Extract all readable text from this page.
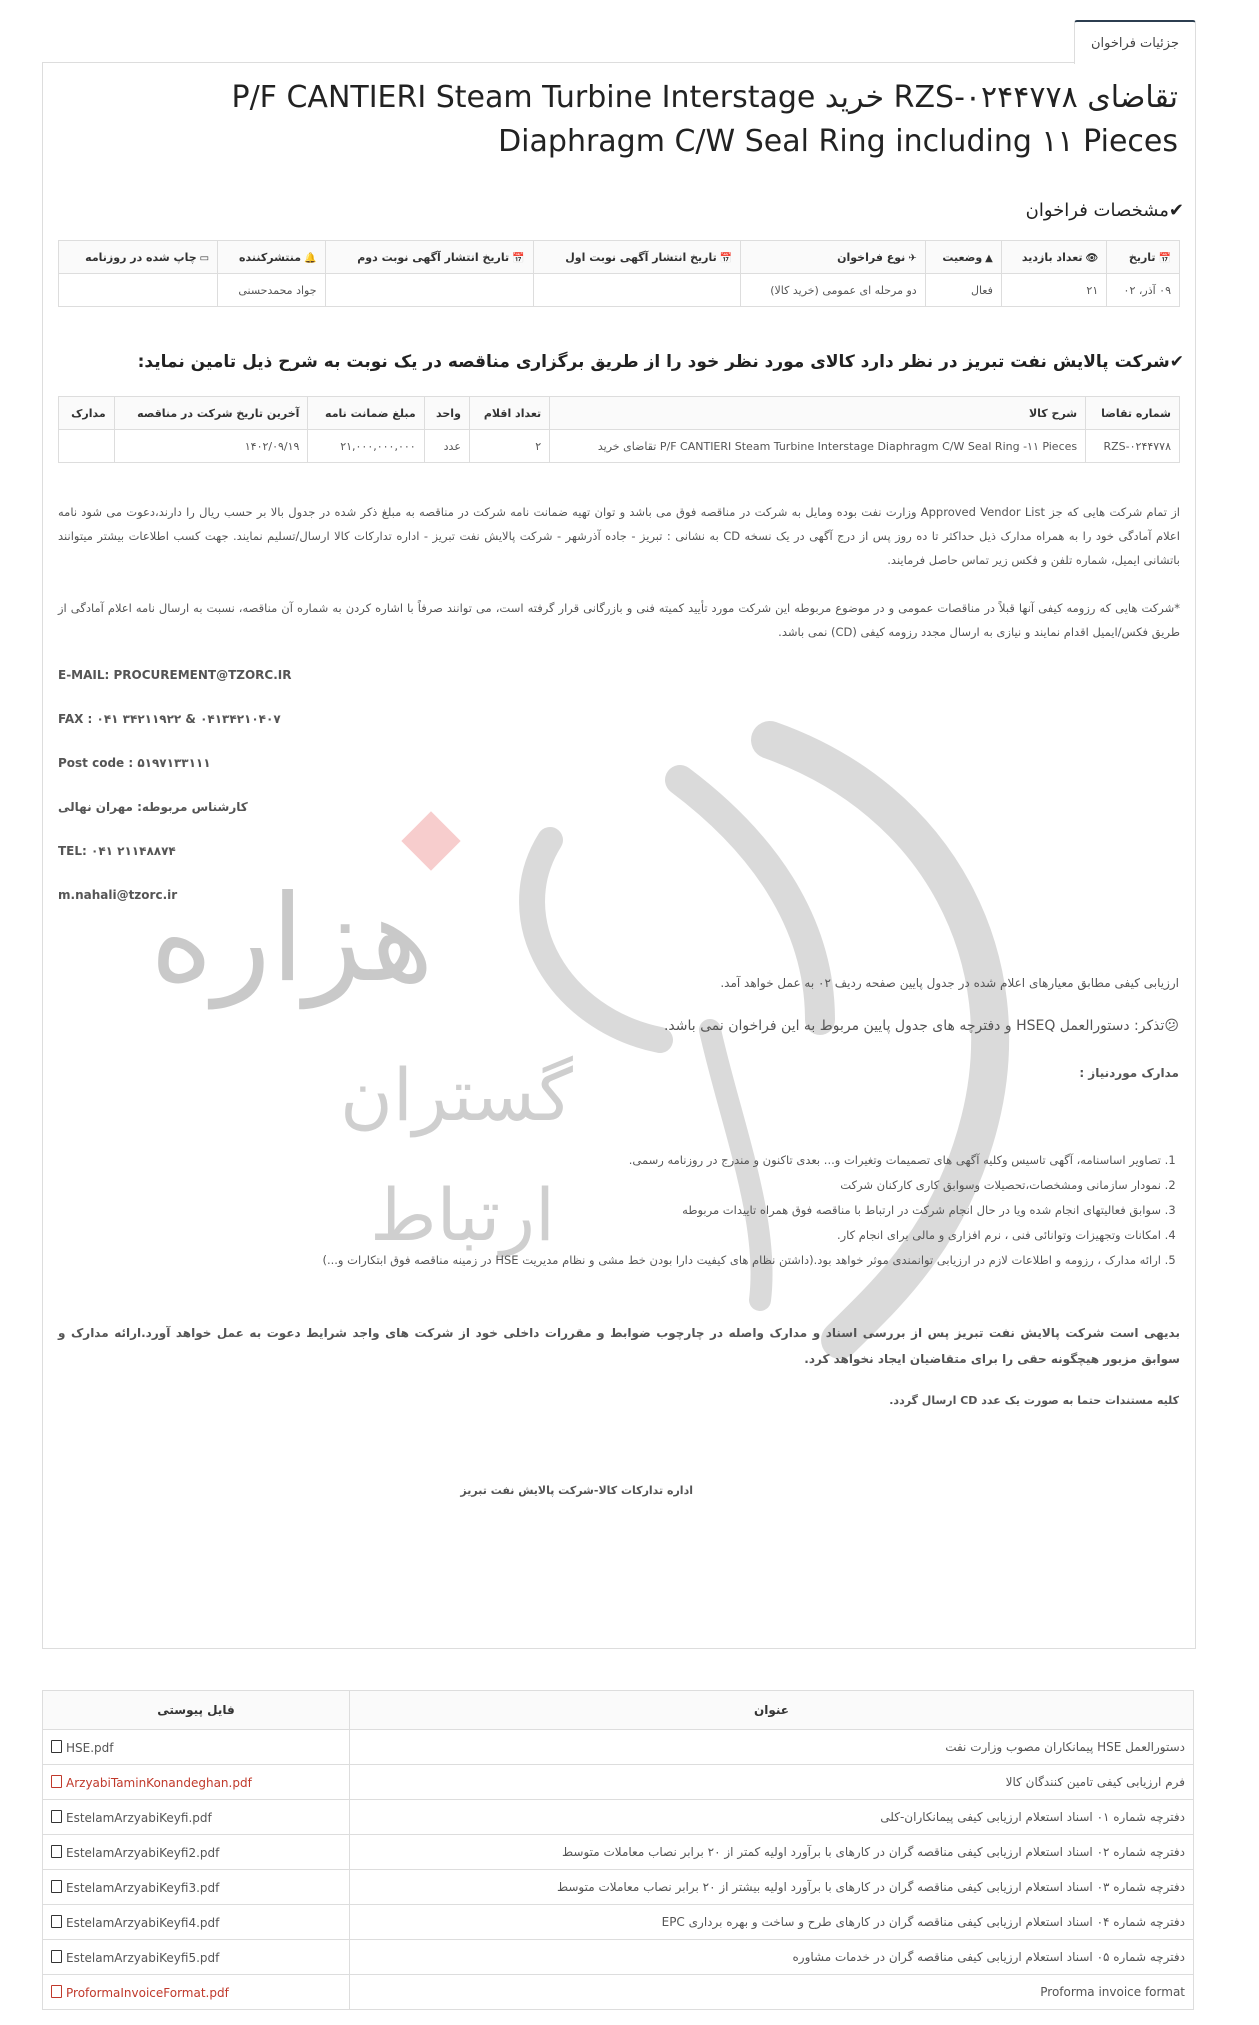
جزئیات فراخوان
تقاضای RZS-۰۲۴۴۷۷۸ خرید P/F CANTIERI Steam Turbine Interstage Diaphragm C/W Seal Ring including ۱۱ Pieces
✔مشخصات فراخوان
📅تاریخ	👁تعداد بازدید	▲وضعیت	✈نوع فراخوان	📅تاریخ انتشار آگهی نوبت اول	📅تاریخ انتشار آگهی نوبت دوم	🔔منتشرکننده	▭چاپ شده در روزنامه
۰۹ آذر، ۰۲	۲۱	فعال	دو مرحله ای عمومی (خرید کالا)			جواد محمدحسنی	
✔شرکت پالایش نفت تبریز در نظر دارد کالای مورد نظر خود را از طریق برگزاری مناقصه در یک نوبت به شرح ذیل تامین نماید:
شماره تقاضا	شرح کالا	تعداد اقلام	واحد	مبلغ ضمانت نامه	آخرین تاریخ شرکت در مناقصه	مدارک
RZS-۰۲۴۴۷۷۸	تقاضای خرید P/F CANTIERI Steam Turbine Interstage Diaphragm C/W Seal Ring -۱۱ Pieces	۲	عدد	۲۱,۰۰۰,۰۰۰,۰۰۰	۱۴۰۲/۰۹/۱۹	
هزاره
گستران
ارتباط
از تمام شرکت هایی که جز Approved Vendor List وزارت نفت بوده ومایل به شرکت در مناقصه فوق می باشد و توان تهیه ضمانت نامه شرکت در مناقصه به مبلغ ذکر شده در جدول بالا بر حسب ریال را دارند،دعوت می شود نامه اعلام آمادگی خود را به همراه مدارک ذیل حداکثر تا ده روز پس از درج آگهی در یک نسخه CD به نشانی : تبریز - جاده آذرشهر - شرکت پالایش نفت تبریز - اداره تدارکات کالا ارسال/تسلیم نمایند. جهت کسب اطلاعات بیشتر میتوانند باتشانی ایمیل، شماره تلفن و فکس زیر تماس حاصل فرمایند.
*شرکت هایی که رزومه کیفی آنها قبلاً در مناقصات عمومی و در موضوع مربوطه این شرکت مورد تأیید کمیته فنی و بازرگانی قرار گرفته است، می توانند صرفاً با اشاره کردن به شماره آن مناقصه، نسبت به ارسال نامه اعلام آمادگی از طریق فکس/ایمیل اقدام نمایند و نیازی به ارسال مجدد رزومه کیفی (CD) نمی باشد.
E-MAIL: PROCUREMENT@TZORC.IR
FAX : ۰۴۱ ۳۴۲۱۱۹۲۲ & ۰۴۱۳۴۲۱۰۴۰۷
Post code : ۵۱۹۷۱۳۳۱۱۱
کارشناس مربوطه: مهران نهالی
TEL: ۰۴۱ ۲۱۱۴۸۸۷۴
m.nahali@tzorc.ir
ارزیابی کیفی مطابق معیارهای اعلام شده در جدول پایین صفحه ردیف ۰۲ به عمل خواهد آمد.
😕تذکر: دستورالعمل HSEQ و دفترچه های جدول پایین مربوط به این فراخوان نمی باشد.
مدارک موردنیاز :
1. تصاویر اساسنامه، آگهی تاسیس وکلیه آگهی های تصمیمات وتغیرات و... بعدی تاکنون و مندرج در روزنامه رسمی.
2. نمودار سازمانی ومشخصات،تحصیلات وسوابق کاری کارکنان شرکت
3. سوابق فعالیتهای انجام شده ویا در حال انجام شرکت در ارتباط با مناقصه فوق همراه تاییدات مربوطه
4. امکانات وتجهیزات وتوانائی فنی ، نرم افزاری و مالی برای انجام کار.
5. ارائه مدارک ، رزومه و اطلاعات لازم در ارزیابی توانمندی موثر خواهد بود.(داشتن نظام های کیفیت دارا بودن خط مشی و نظام مدیریت HSE در زمینه مناقصه فوق ابتکارات و...)
بدیهی است شرکت پالایش نفت تبریز پس از بررسی اسناد و مدارک واصله در چارچوب ضوابط و مقررات داخلی خود از شرکت های واجد شرایط دعوت به عمل خواهد آورد.ارائه مدارک و سوابق مزبور هیچگونه حقی را برای متقاضیان ایجاد نخواهد کرد.
کلیه مستندات حتما به صورت یک عدد CD ارسال گردد.
اداره تدارکات کالا-شرکت پالایش نفت تبریز
عنوان	فایل پیوستی
دستورالعمل HSE پیمانکاران مصوب وزارت نفت	HSE.pdf
فرم ارزیابی کیفی تامین کنندگان کالا	ArzyabiTaminKonandeghan.pdf
دفترچه شماره ۰۱ اسناد استعلام ارزیابی کیفی پیمانکاران-کلی	EstelamArzyabiKeyfi.pdf
دفترچه شماره ۰۲ اسناد استعلام ارزیابی کیفی مناقصه گران در کارهای با برآورد اولیه کمتر از ۲۰ برابر نصاب معاملات متوسط	EstelamArzyabiKeyfi2.pdf
دفترچه شماره ۰۳ اسناد استعلام ارزیابی کیفی مناقصه گران در کارهای با برآورد اولیه بیشتر از ۲۰ برابر نصاب معاملات متوسط	EstelamArzyabiKeyfi3.pdf
دفترچه شماره ۰۴ اسناد استعلام ارزیابی کیفی مناقصه گران در کارهای طرح و ساخت و بهره برداری EPC	EstelamArzyabiKeyfi4.pdf
دفترچه شماره ۰۵ اسناد استعلام ارزیابی کیفی مناقصه گران در خدمات مشاوره	EstelamArzyabiKeyfi5.pdf
Proforma invoice format	ProformaInvoiceFormat.pdf
